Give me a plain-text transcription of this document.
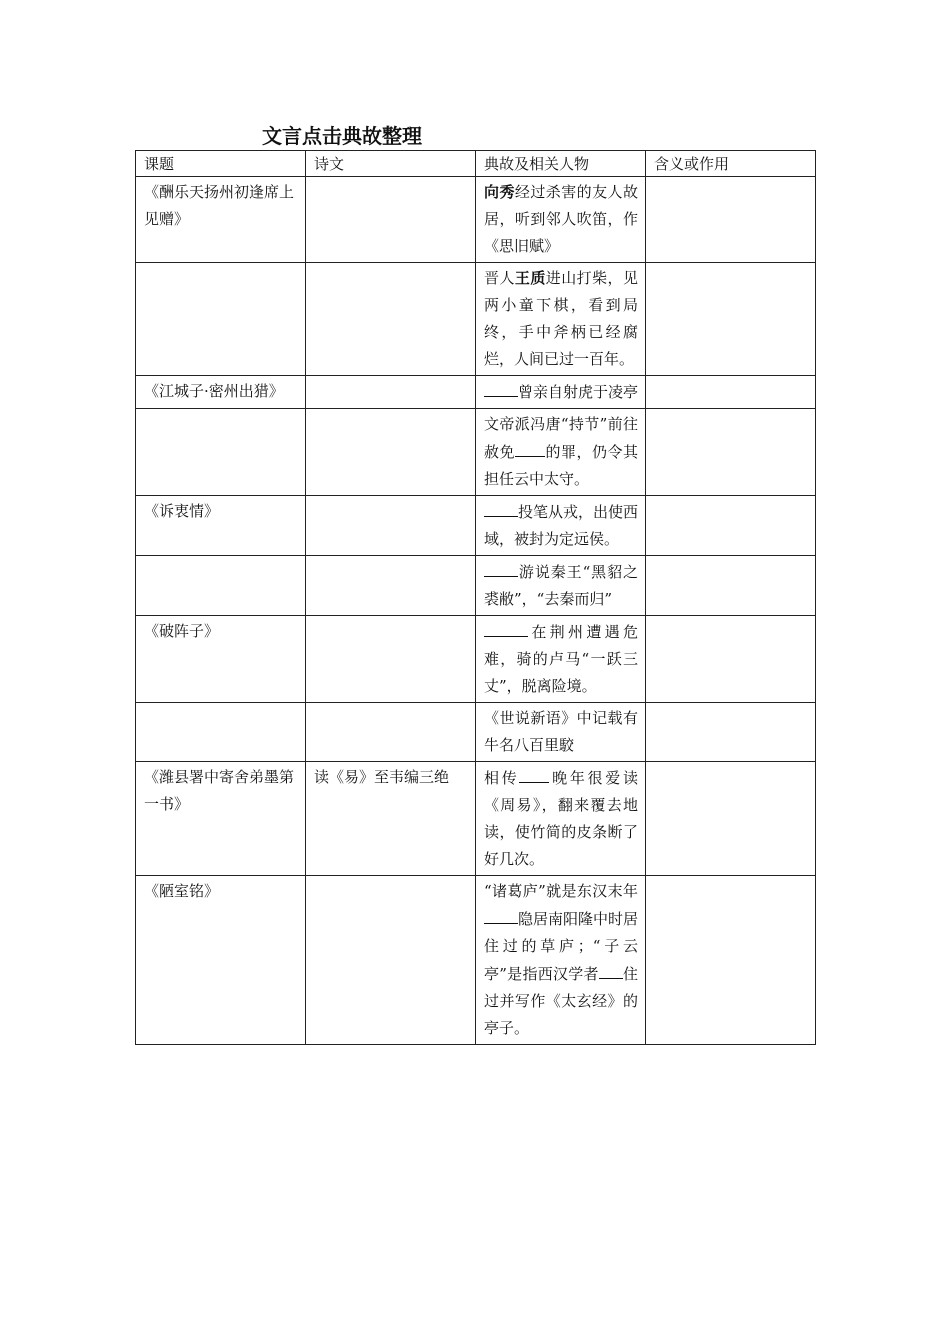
文言点击典故整理
课题	诗文	典故及相关人物	含义或作用
《酬乐天扬州初逢席上见赠》		向秀经过杀害的友人故居，听到邻人吹笛，作《思旧赋》	
		晋人王质进山打柴，见两小童下棋，看到局终，手中斧柄已经腐烂，人间已过一百年。	
《江城子·密州出猎》		曾亲自射虎于凌亭	
		文帝派冯唐“持节”前往赦免 的罪，仍令其担任云中太守。	
《诉衷情》		投笔从戎，出使西域，被封为定远侯。	
		游说秦王“黑貂之裘敝”，“去秦而归”	
《破阵子》		在荆州遭遇危难，骑的卢马“一跃三丈”，脱离险境。	
		《世说新语》中记载有牛名八百里駮	
《潍县署中寄舍弟墨第一书》	读《易》至韦编三绝	相传 晚年很爱读《周易》，翻来覆去地读，使竹简的皮条断了好几次。	
《陋室铭》		“诸葛庐”就是东汉末年 隐居南阳隆中时居住过的草庐；“子云亭”是指西汉学者 住过并写作《太玄经》的亭子。	
